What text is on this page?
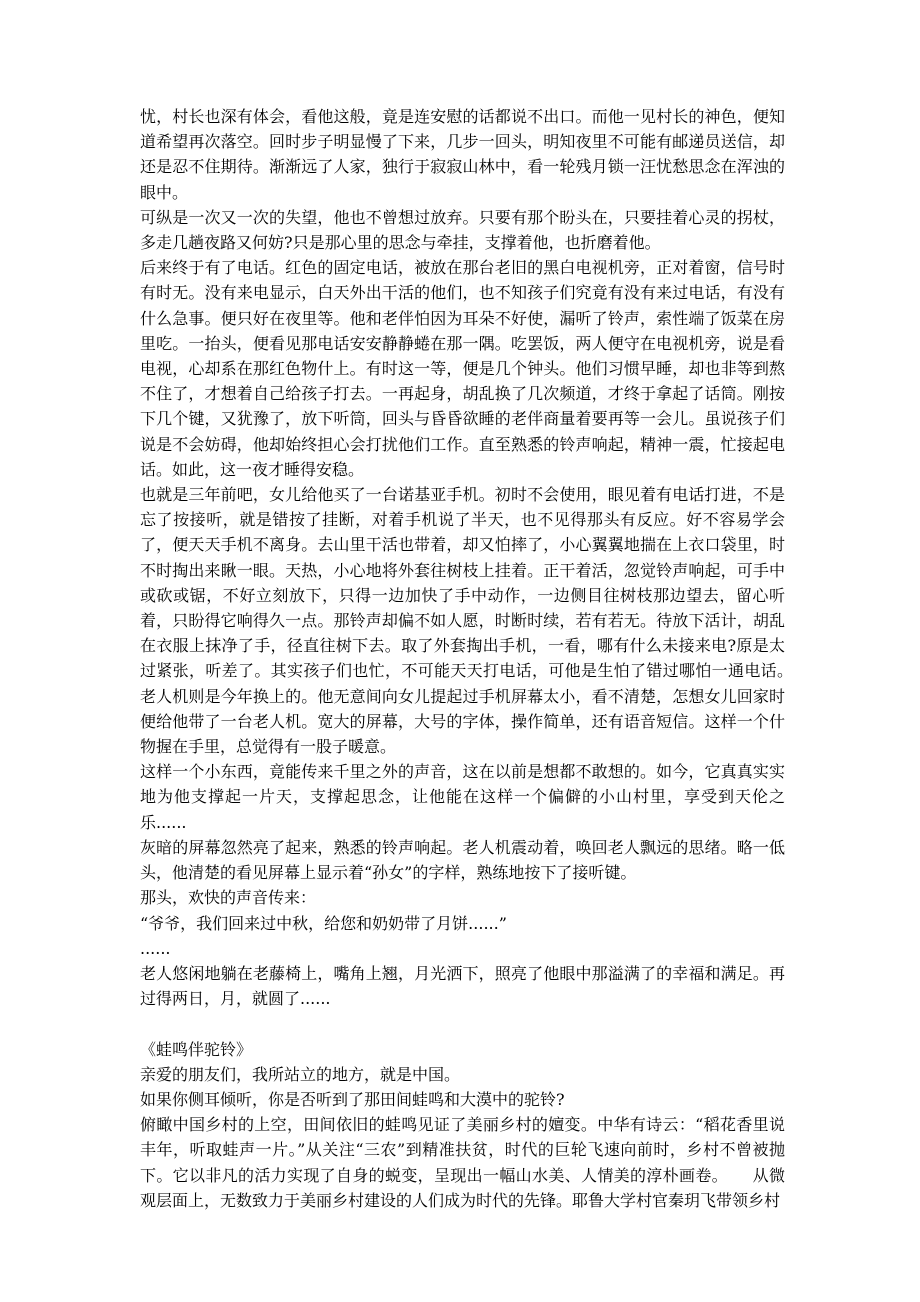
忧，村长也深有体会，看他这般，竟是连安慰的话都说不出口。而他一见村长的神色，便知道希望再次落空。回时步子明显慢了下来，几步一回头，明知夜里不可能有邮递员送信，却还是忍不住期待。渐渐远了人家，独行于寂寂山林中，看一轮残月锁一汪忧愁思念在浑浊的眼中。

可纵是一次又一次的失望，他也不曾想过放弃。只要有那个盼头在，只要挂着心灵的拐杖，多走几趟夜路又何妨?只是那心里的思念与牵挂，支撑着他，也折磨着他。

后来终于有了电话。红色的固定电话，被放在那台老旧的黑白电视机旁，正对着窗，信号时有时无。没有来电显示，白天外出干活的他们，也不知孩子们究竟有没有来过电话，有没有什么急事。便只好在夜里等。他和老伴怕因为耳朵不好使，漏听了铃声，索性端了饭菜在房里吃。一抬头，便看见那电话安安静静蜷在那一隅。吃罢饭，两人便守在电视机旁，说是看电视，心却系在那红色物什上。有时这一等，便是几个钟头。他们习惯早睡，却也非等到熬不住了，才想着自己给孩子打去。一再起身，胡乱换了几次频道，才终于拿起了话筒。刚按下几个键，又犹豫了，放下听筒，回头与昏昏欲睡的老伴商量着要再等一会儿。虽说孩子们说是不会妨碍，他却始终担心会打扰他们工作。直至熟悉的铃声响起，精神一震，忙接起电话。如此，这一夜才睡得安稳。

也就是三年前吧，女儿给他买了一台诺基亚手机。初时不会使用，眼见着有电话打进，不是忘了按接听，就是错按了挂断，对着手机说了半天，也不见得那头有反应。好不容易学会了，便天天手机不离身。去山里干活也带着，却又怕摔了，小心翼翼地揣在上衣口袋里，时不时掏出来瞅一眼。天热，小心地将外套往树枝上挂着。正干着活，忽觉铃声响起，可手中或砍或锯，不好立刻放下，只得一边加快了手中动作，一边侧目往树枝那边望去，留心听着，只盼得它响得久一点。那铃声却偏不如人愿，时断时续，若有若无。待放下活计，胡乱在衣服上抹净了手，径直往树下去。取了外套掏出手机，一看，哪有什么未接来电?原是太过紧张，听差了。其实孩子们也忙，不可能天天打电话，可他是生怕了错过哪怕一通电话。　　老人机则是今年换上的。他无意间向女儿提起过手机屏幕太小，看不清楚，怎想女儿回家时便给他带了一台老人机。宽大的屏幕，大号的字体，操作简单，还有语音短信。这样一个什物握在手里，总觉得有一股子暖意。

这样一个小东西，竟能传来千里之外的声音，这在以前是想都不敢想的。如今，它真真实实地为他支撑起一片天，支撑起思念，让他能在这样一个偏僻的小山村里，享受到天伦之乐......

灰暗的屏幕忽然亮了起来，熟悉的铃声响起。老人机震动着，唤回老人飘远的思绪。略一低头，他清楚的看见屏幕上显示着“孙女”的字样，熟练地按下了接听键。

那头，欢快的声音传来：

“爷爷，我们回来过中秋，给您和奶奶带了月饼......”

......

老人悠闲地躺在老藤椅上，嘴角上翘，月光洒下，照亮了他眼中那溢满了的幸福和满足。再过得两日，月，就圆了......

《蛙鸣伴驼铃》

亲爱的朋友们，我所站立的地方，就是中国。

如果你侧耳倾听，你是否听到了那田间蛙鸣和大漠中的驼铃?

俯瞰中国乡村的上空，田间依旧的蛙鸣见证了美丽乡村的嬗变。中华有诗云：“稻花香里说丰年，听取蛙声一片。”从关注“三农”到精准扶贫，时代的巨轮飞速向前时，乡村不曾被抛下。它以非凡的活力实现了自身的蜕变，呈现出一幅山水美、人情美的淳朴画卷。　　从微观层面上，无数致力于美丽乡村建设的人们成为时代的先锋。耶鲁大学村官秦玥飞带领乡村
